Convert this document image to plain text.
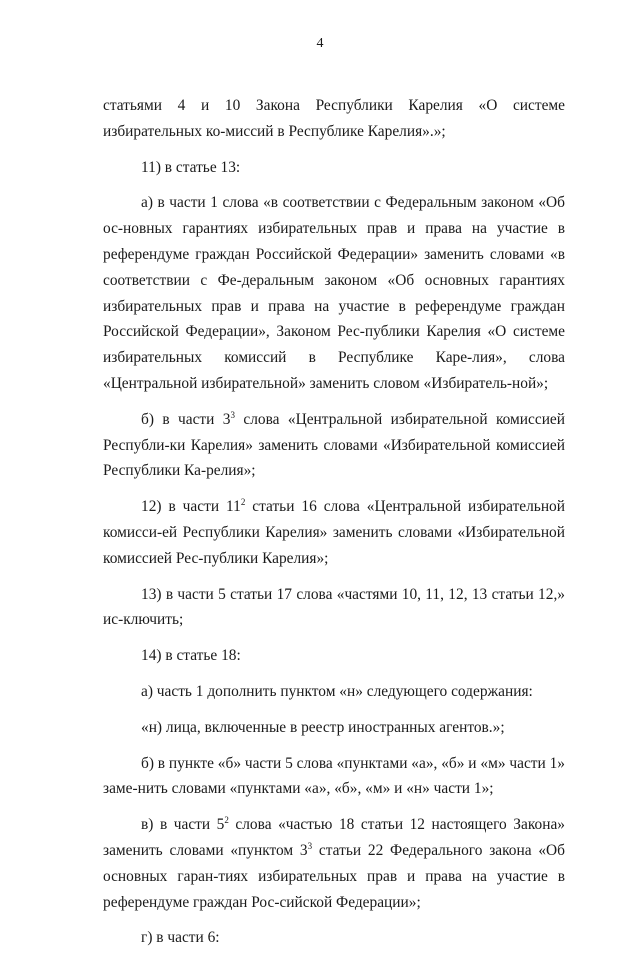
4

статьями 4 и 10 Закона Республики Карелия «О системе избирательных ко-миссий в Республике Карелия».»;

11) в статье 13:

а) в части 1 слова «в соответствии с Федеральным законом «Об ос-новных гарантиях избирательных прав и права на участие в референдуме граждан Российской Федерации» заменить словами «в соответствии с Фе-деральным законом «Об основных гарантиях избирательных прав и права на участие в референдуме граждан Российской Федерации», Законом Рес-публики Карелия «О системе избирательных комиссий в Республике Каре-лия», слова «Центральной избирательной» заменить словом «Избиратель-ной»;

б) в части $3^3$ слова «Центральной избирательной комиссией Республи-ки Карелия» заменить словами «Избирательной комиссией Республики Ка-релия»;

12) в части $11^2$ статьи 16 слова «Центральной избирательной комисси-ей Республики Карелия» заменить словами «Избирательной комиссией Рес-публики Карелия»;

13) в части 5 статьи 17 слова «частями 10, 11, 12, 13 статьи 12,» ис-ключить;

14) в статье 18:

а) часть 1 дополнить пунктом «н» следующего содержания:

«н) лица, включенные в реестр иностранных агентов.»;

б) в пункте «б» части 5 слова «пунктами «а», «б» и «м» части 1» заме-нить словами «пунктами «а», «б», «м» и «н» части 1»;

в) в части $5^2$ слова «частью 18 статьи 12 настоящего Закона» заменить словами «пунктом $3^3$ статьи 22 Федерального закона «Об основных гаран-тиях избирательных прав и права на участие в референдуме граждан Рос-сийской Федерации»;

г) в части 6:
